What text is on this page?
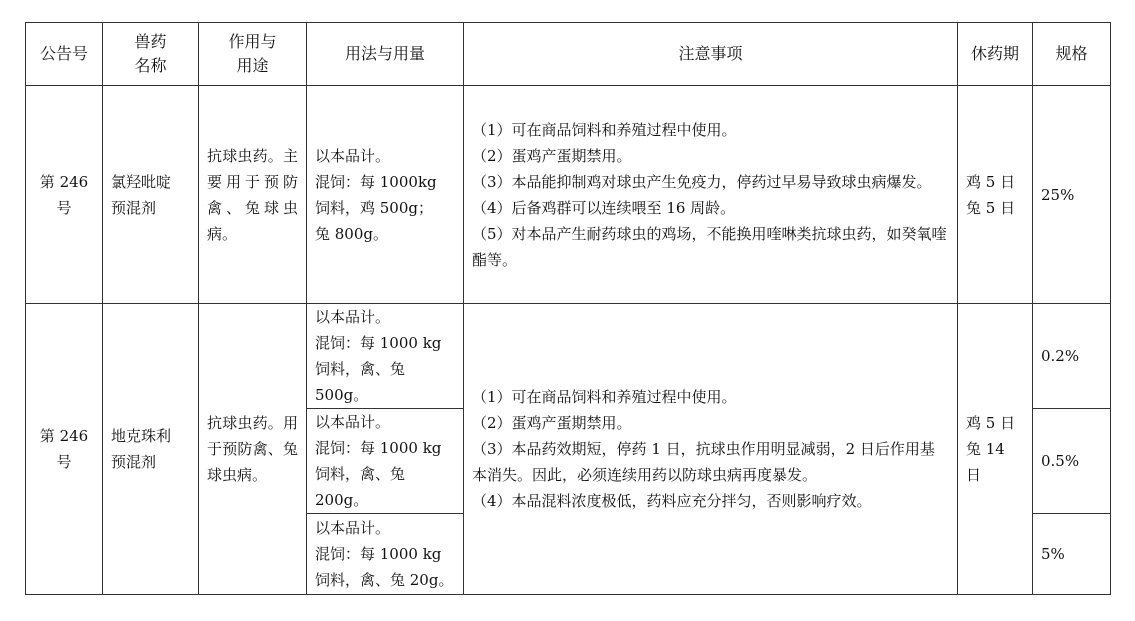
公告号	兽药
名称	作用与
用途	用法与用量	注意事项	休药期	规格

第 246
号	氯羟吡啶
预混剂	抗球虫药。主要用于预防禽、兔球虫病。	以本品计。
混饲：每 1000kg
饲料，鸡 500g；
兔 800g。	（1）可在商品饲料和养殖过程中使用。
（2）蛋鸡产蛋期禁用。
（3）本品能抑制鸡对球虫产生免疫力，停药过早易导致球虫病爆发。
（4）后备鸡群可以连续喂至 16 周龄。
（5）对本品产生耐药球虫的鸡场，不能换用喹啉类抗球虫药，如癸氧喹酯等。	鸡 5 日
兔 5 日	25%

第 246
号	地克珠利
预混剂	抗球虫药。用于预防禽、兔球虫病。	以本品计。
混饲：每 1000 kg
饲料，禽、兔 500g。	（1）可在商品饲料和养殖过程中使用。
（2）蛋鸡产蛋期禁用。
（3）本品药效期短，停药 1 日，抗球虫作用明显减弱，2 日后作用基本消失。因此，必须连续用药以防球虫病再度暴发。
（4）本品混料浓度极低，药料应充分拌匀，否则影响疗效。	鸡 5 日
兔 14
日	0.2%

			以本品计。
混饲：每 1000 kg
饲料，禽、兔 200g。			0.5%

			以本品计。
混饲：每 1000 kg
饲料，禽、兔 20g。			5%
